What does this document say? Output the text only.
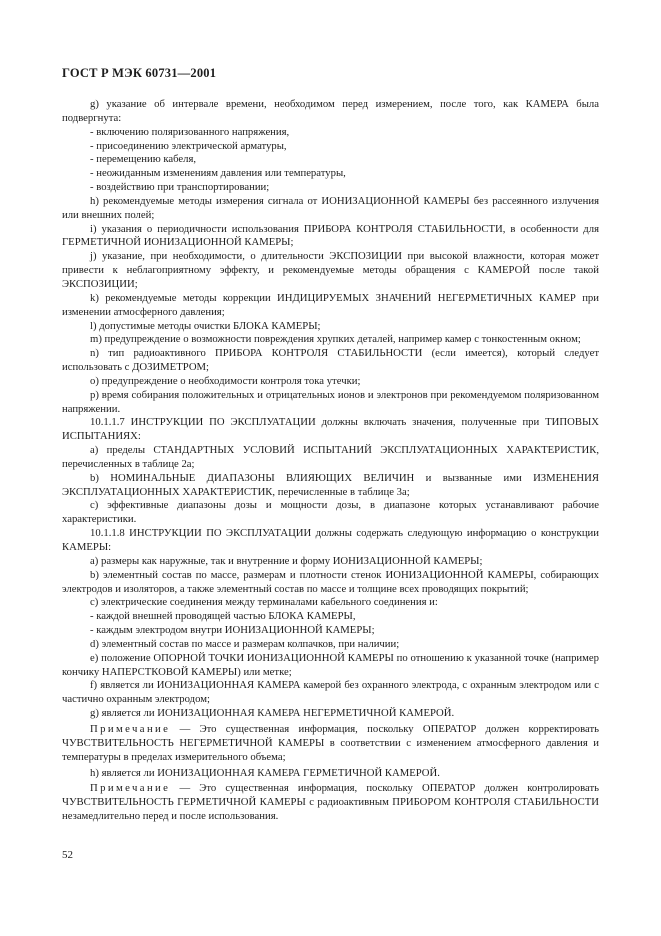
ГОСТ Р МЭК 60731—2001

g) указание об интервале времени, необходимом перед измерением, после того, как КАМЕРА была подвергнута:

- включению поляризованного напряжения,

- присоединению электрической арматуры,

- перемещению кабеля,

- неожиданным изменениям давления или температуры,

- воздействию при транспортировании;

h) рекомендуемые методы измерения сигнала от ИОНИЗАЦИОННОЙ КАМЕРЫ без рассеянного излучения или внешних полей;

i) указания о периодичности использования ПРИБОРА КОНТРОЛЯ СТАБИЛЬНОСТИ, в особенности для ГЕРМЕТИЧНОЙ ИОНИЗАЦИОННОЙ КАМЕРЫ;

j) указание, при необходимости, о длительности ЭКСПОЗИЦИИ при высокой влажности, которая может привести к неблагоприятному эффекту, и рекомендуемые методы обращения с КАМЕРОЙ после такой ЭКСПОЗИЦИИ;

k) рекомендуемые методы коррекции ИНДИЦИРУЕМЫХ ЗНАЧЕНИЙ НЕГЕРМЕТИЧНЫХ КАМЕР при изменении атмосферного давления;

l) допустимые методы очистки БЛОКА КАМЕРЫ;

m) предупреждение о возможности повреждения хрупких деталей, например камер с тонкостенным окном;

n) тип радиоактивного ПРИБОРА КОНТРОЛЯ СТАБИЛЬНОСТИ (если имеется), который следует использовать с ДОЗИМЕТРОМ;

o) предупреждение о необходимости контроля тока утечки;

p) время собирания положительных и отрицательных ионов и электронов при рекомендуемом поляризованном напряжении.

10.1.1.7 ИНСТРУКЦИИ ПО ЭКСПЛУАТАЦИИ должны включать значения, полученные при ТИПОВЫХ ИСПЫТАНИЯХ:

a) пределы СТАНДАРТНЫХ УСЛОВИЙ ИСПЫТАНИЙ ЭКСПЛУАТАЦИОННЫХ ХАРАКТЕРИСТИК, перечисленных в таблице 2а;

b) НОМИНАЛЬНЫЕ ДИАПАЗОНЫ ВЛИЯЮЩИХ ВЕЛИЧИН и вызванные ими ИЗМЕНЕНИЯ ЭКСПЛУАТАЦИОННЫХ ХАРАКТЕРИСТИК, перечисленные в таблице 3а;

c) эффективные диапазоны дозы и мощности дозы, в диапазоне которых устанавливают рабочие характеристики.

10.1.1.8 ИНСТРУКЦИИ ПО ЭКСПЛУАТАЦИИ должны содержать следующую информацию о конструкции КАМЕРЫ:

a) размеры как наружные, так и внутренние и форму ИОНИЗАЦИОННОЙ КАМЕРЫ;

b) элементный состав по массе, размерам и плотности стенок ИОНИЗАЦИОННОЙ КАМЕРЫ, собирающих электродов и изоляторов, а также элементный состав по массе и толщине всех проводящих покрытий;

c) электрические соединения между терминалами кабельного соединения и:

- каждой внешней проводящей частью БЛОКА КАМЕРЫ,

- каждым электродом внутри ИОНИЗАЦИОННОЙ КАМЕРЫ;

d) элементный состав по массе и размерам колпачков, при наличии;

e) положение ОПОРНОЙ ТОЧКИ ИОНИЗАЦИОННОЙ КАМЕРЫ по отношению к указанной точке (например кончику НАПЕРСТКОВОЙ КАМЕРЫ) или метке;

f) является ли ИОНИЗАЦИОННАЯ КАМЕРА камерой без охранного электрода, с охранным электродом или с частично охранным электродом;

g) является ли ИОНИЗАЦИОННАЯ КАМЕРА НЕГЕРМЕТИЧНОЙ КАМЕРОЙ.

Примечание — Это существенная информация, поскольку ОПЕРАТОР должен корректировать ЧУВСТВИТЕЛЬНОСТЬ НЕГЕРМЕТИЧНОЙ КАМЕРЫ в соответствии с изменением атмосферного давления и температуры в пределах измерительного объема;

h) является ли ИОНИЗАЦИОННАЯ КАМЕРА ГЕРМЕТИЧНОЙ КАМЕРОЙ.

Примечание — Это существенная информация, поскольку ОПЕРАТОР должен контролировать ЧУВСТВИТЕЛЬНОСТЬ ГЕРМЕТИЧНОЙ КАМЕРЫ с радиоактивным ПРИБОРОМ КОНТРОЛЯ СТАБИЛЬНОСТИ незамедлительно перед и после использования.

52
